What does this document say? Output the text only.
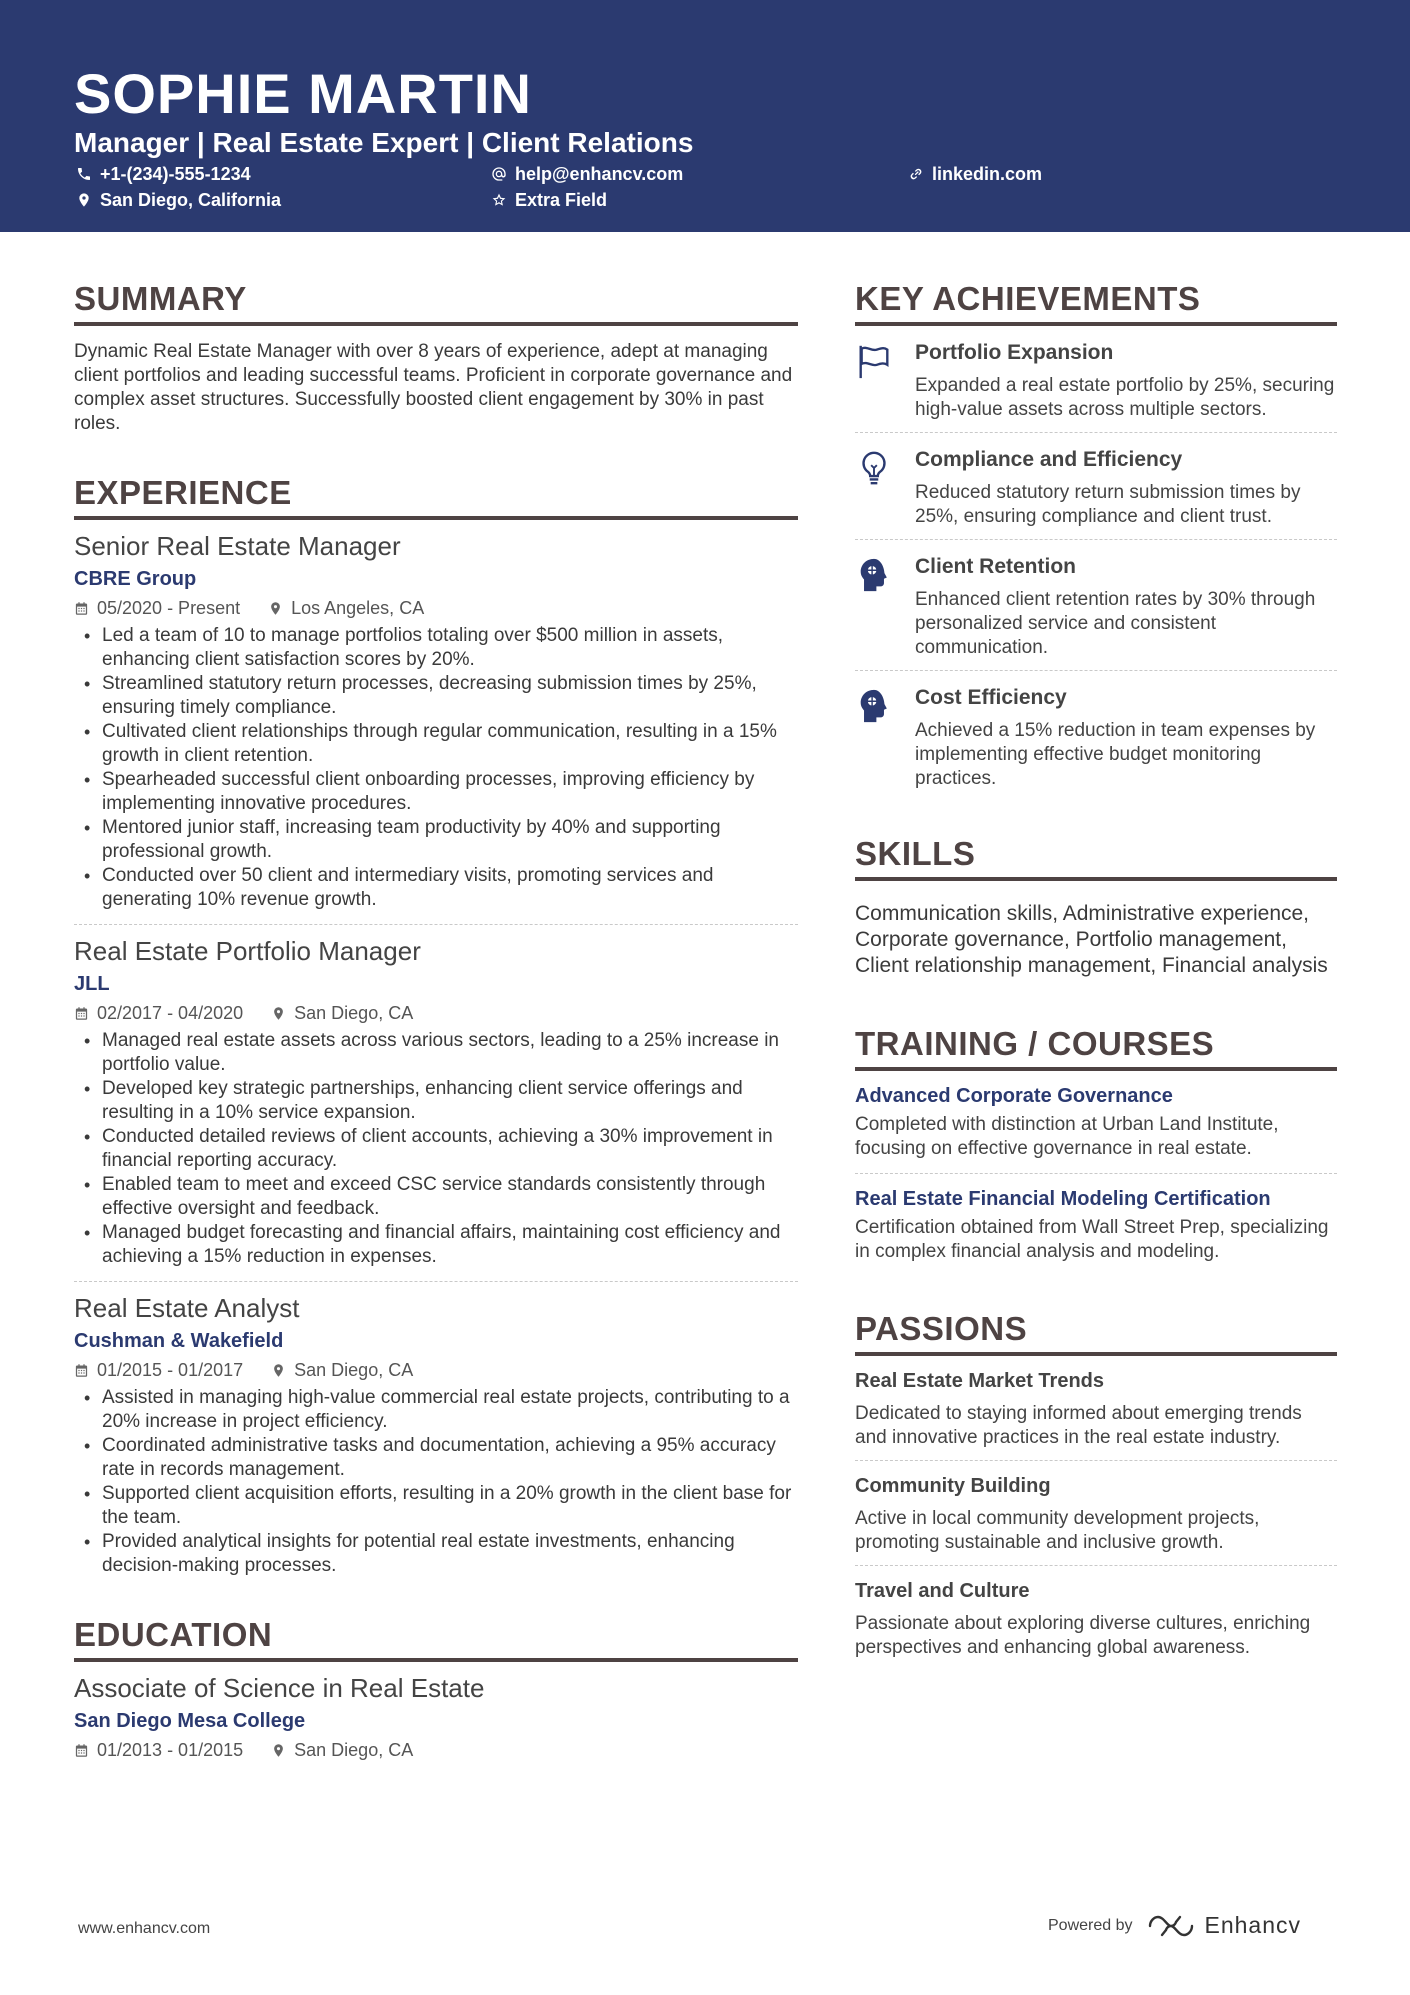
SOPHIE MARTIN
Manager | Real Estate Expert | Client Relations
+1-(234)-555-1234	help@enhancv.com	linkedin.com
San Diego, California	Extra Field
SUMMARY
Dynamic Real Estate Manager with over 8 years of experience, adept at managing client portfolios and leading successful teams. Proficient in corporate governance and complex asset structures. Successfully boosted client engagement by 30% in past roles.
EXPERIENCE
Senior Real Estate Manager
CBRE Group
05/2020 - Present	Los Angeles, CA
• Led a team of 10 to manage portfolios totaling over $500 million in assets, enhancing client satisfaction scores by 20%.
• Streamlined statutory return processes, decreasing submission times by 25%, ensuring timely compliance.
• Cultivated client relationships through regular communication, resulting in a 15% growth in client retention.
• Spearheaded successful client onboarding processes, improving efficiency by implementing innovative procedures.
• Mentored junior staff, increasing team productivity by 40% and supporting professional growth.
• Conducted over 50 client and intermediary visits, promoting services and generating 10% revenue growth.
Real Estate Portfolio Manager
JLL
02/2017 - 04/2020	San Diego, CA
• Managed real estate assets across various sectors, leading to a 25% increase in portfolio value.
• Developed key strategic partnerships, enhancing client service offerings and resulting in a 10% service expansion.
• Conducted detailed reviews of client accounts, achieving a 30% improvement in financial reporting accuracy.
• Enabled team to meet and exceed CSC service standards consistently through effective oversight and feedback.
• Managed budget forecasting and financial affairs, maintaining cost efficiency and achieving a 15% reduction in expenses.
Real Estate Analyst
Cushman & Wakefield
01/2015 - 01/2017	San Diego, CA
• Assisted in managing high-value commercial real estate projects, contributing to a 20% increase in project efficiency.
• Coordinated administrative tasks and documentation, achieving a 95% accuracy rate in records management.
• Supported client acquisition efforts, resulting in a 20% growth in the client base for the team.
• Provided analytical insights for potential real estate investments, enhancing decision-making processes.
EDUCATION
Associate of Science in Real Estate
San Diego Mesa College
01/2013 - 01/2015	San Diego, CA
KEY ACHIEVEMENTS
Portfolio Expansion
Expanded a real estate portfolio by 25%, securing high-value assets across multiple sectors.
Compliance and Efficiency
Reduced statutory return submission times by 25%, ensuring compliance and client trust.
Client Retention
Enhanced client retention rates by 30% through personalized service and consistent communication.
Cost Efficiency
Achieved a 15% reduction in team expenses by implementing effective budget monitoring practices.
SKILLS
Communication skills, Administrative experience, Corporate governance, Portfolio management, Client relationship management, Financial analysis
TRAINING / COURSES
Advanced Corporate Governance
Completed with distinction at Urban Land Institute, focusing on effective governance in real estate.
Real Estate Financial Modeling Certification
Certification obtained from Wall Street Prep, specializing in complex financial analysis and modeling.
PASSIONS
Real Estate Market Trends
Dedicated to staying informed about emerging trends and innovative practices in the real estate industry.
Community Building
Active in local community development projects, promoting sustainable and inclusive growth.
Travel and Culture
Passionate about exploring diverse cultures, enriching perspectives and enhancing global awareness.
www.enhancv.com	Powered by	Enhancv
